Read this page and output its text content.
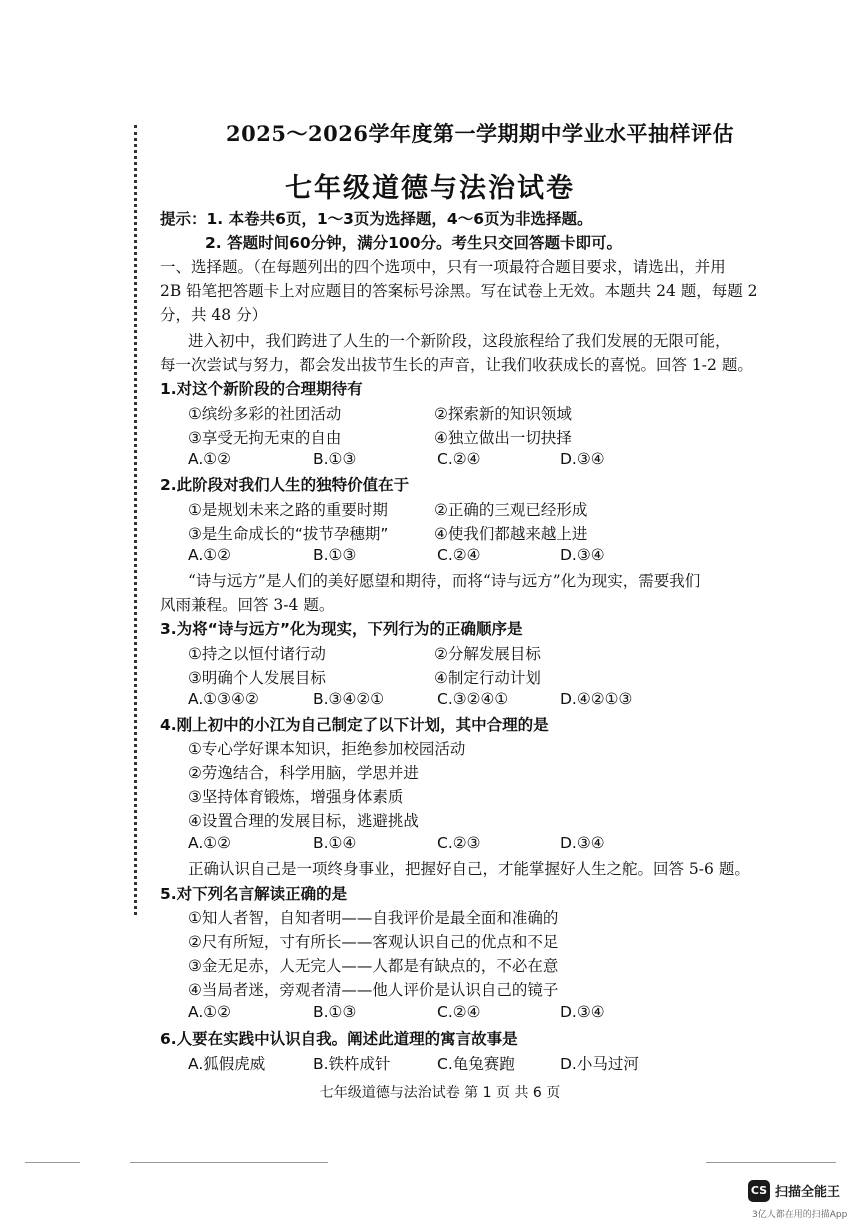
2025～2026学年度第一学期期中学业水平抽样评估
七年级道德与法治试卷
提示：1. 本卷共6页，1～3页为选择题，4～6页为非选择题。
2. 答题时间60分钟，满分100分。考生只交回答题卡即可。
一、选择题。（在每题列出的四个选项中，只有一项最符合题目要求，请选出，并用
2B 铅笔把答题卡上对应题目的答案标号涂黑。写在试卷上无效。本题共 24 题，每题 2
分，共 48 分）
进入初中，我们跨进了人生的一个新阶段，这段旅程给了我们发展的无限可能，
每一次尝试与努力，都会发出拔节生长的声音，让我们收获成长的喜悦。回答 1-2 题。
1.对这个新阶段的合理期待有
①缤纷多彩的社团活动	②探索新的知识领域
③享受无拘无束的自由	④独立做出一切抉择
A.①②	B.①③	C.②④	D.③④
2.此阶段对我们人生的独特价值在于
①是规划未来之路的重要时期	②正确的三观已经形成
③是生命成长的“拔节孕穗期”	④使我们都越来越上进
A.①②	B.①③	C.②④	D.③④
“诗与远方”是人们的美好愿望和期待，而将“诗与远方”化为现实，需要我们
风雨兼程。回答 3-4 题。
3.为将“诗与远方”化为现实，下列行为的正确顺序是
①持之以恒付诸行动	②分解发展目标
③明确个人发展目标	④制定行动计划
A.①③④②	B.③④②①	C.③②④①	D.④②①③
4.刚上初中的小江为自己制定了以下计划，其中合理的是
①专心学好课本知识，拒绝参加校园活动
②劳逸结合，科学用脑，学思并进
③坚持体育锻炼，增强身体素质
④设置合理的发展目标，逃避挑战
A.①②	B.①④	C.②③	D.③④
正确认识自己是一项终身事业，把握好自己，才能掌握好人生之舵。回答 5-6 题。
5.对下列名言解读正确的是
①知人者智，自知者明——自我评价是最全面和准确的
②尺有所短，寸有所长——客观认识自己的优点和不足
③金无足赤，人无完人——人都是有缺点的，不必在意
④当局者迷，旁观者清——他人评价是认识自己的镜子
A.①②	B.①③	C.②④	D.③④
6.人要在实践中认识自我。阐述此道理的寓言故事是
A.狐假虎威	B.铁杵成针	C.龟兔赛跑	D.小马过河
七年级道德与法治试卷 第 1 页 共 6 页
CS 扫描全能王
3亿人都在用的扫描App
